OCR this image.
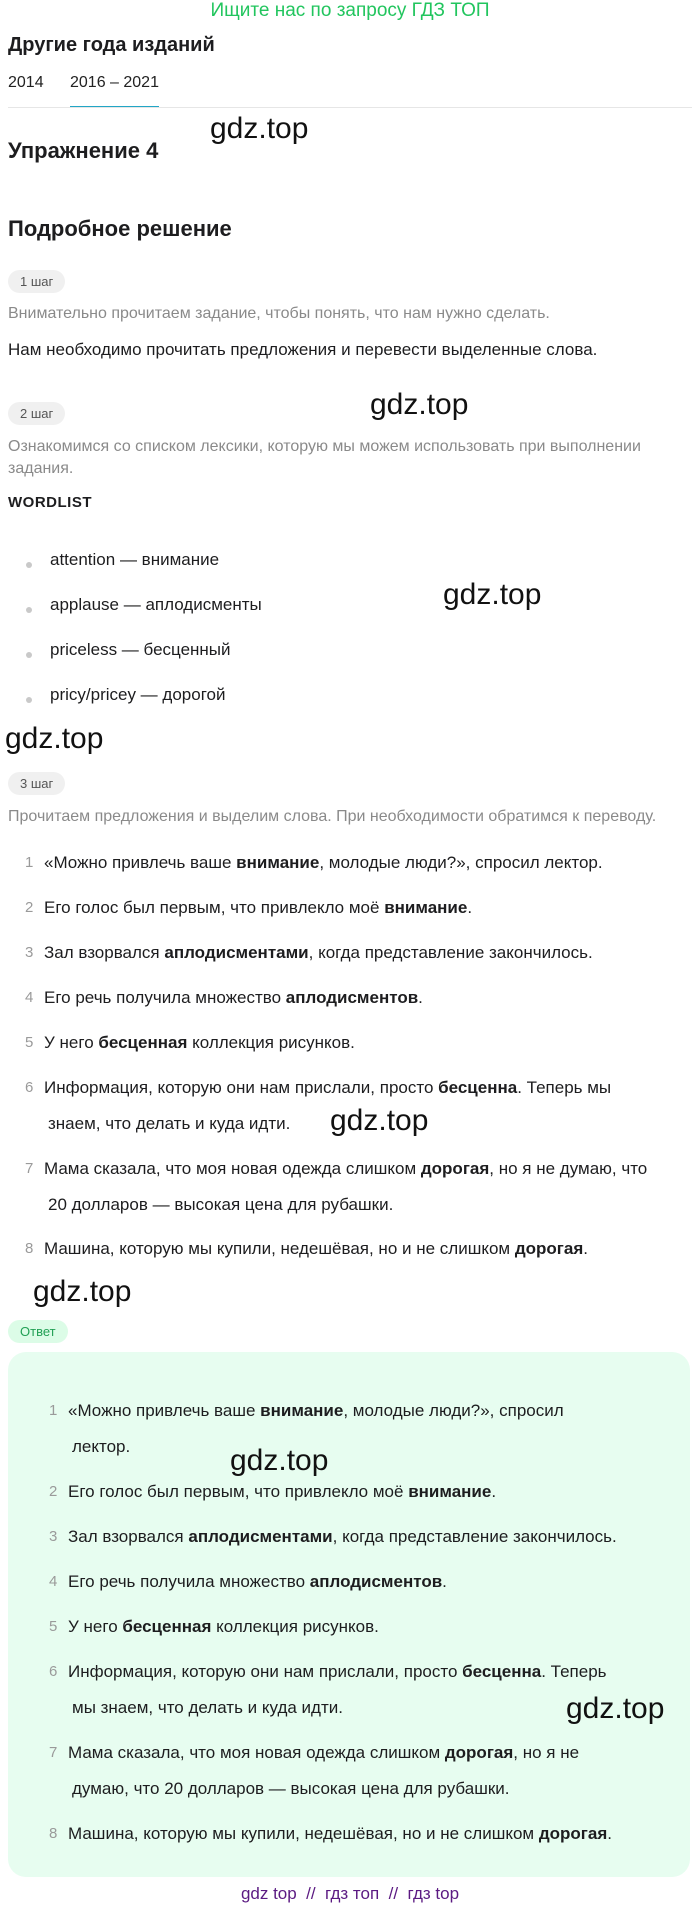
Ищите нас по запросу ГДЗ ТОП
Другие года изданий
2014 2016 – 2021
Упражнение 4
gdz.top
Подробное решение
1 шаг
Внимательно прочитаем задание, чтобы понять, что нам нужно сделать.
Нам необходимо прочитать предложения и перевести выделенные слова.
2 шаг	gdz.top
Ознакомимся со списком лексики, которую мы можем использовать при выполнении
задания.
WORDLIST
attention — внимание
applause — аплодисменты	gdz.top
priceless — бесценный
pricy/pricey — дорогой
gdz.top
3 шаг
Прочитаем предложения и выделим слова. При необходимости обратимся к переводу.
1 «Можно привлечь ваше внимание, молодые люди?», спросил лектор.
2 Его голос был первым, что привлекло моё внимание.
3 Зал взорвался аплодисментами, когда представление закончилось.
4 Его речь получила множество аплодисментов.
5 У него бесценная коллекция рисунков.
6 Информация, которую они нам прислали, просто бесценна. Теперь мы
знаем, что делать и куда идти. gdz.top
7 Мама сказала, что моя новая одежда слишком дорогая, но я не думаю, что
20 долларов — высокая цена для рубашки.
8 Машина, которую мы купили, недешёвая, но и не слишком дорогая.
gdz.top
Ответ
1 «Можно привлечь ваше внимание, молодые люди?», спросил
лектор.	gdz.top
2 Его голос был первым, что привлекло моё внимание.
3 Зал взорвался аплодисментами, когда представление закончилось.
4 Его речь получила множество аплодисментов.
5 У него бесценная коллекция рисунков.
6 Информация, которую они нам прислали, просто бесценна. Теперь
мы знаем, что делать и куда идти.	gdz.top
7 Мама сказала, что моя новая одежда слишком дорогая, но я не
думаю, что 20 долларов — высокая цена для рубашки.
8 Машина, которую мы купили, недешёвая, но и не слишком дорогая.
gdz top  //  гдз топ  //  гдз top
